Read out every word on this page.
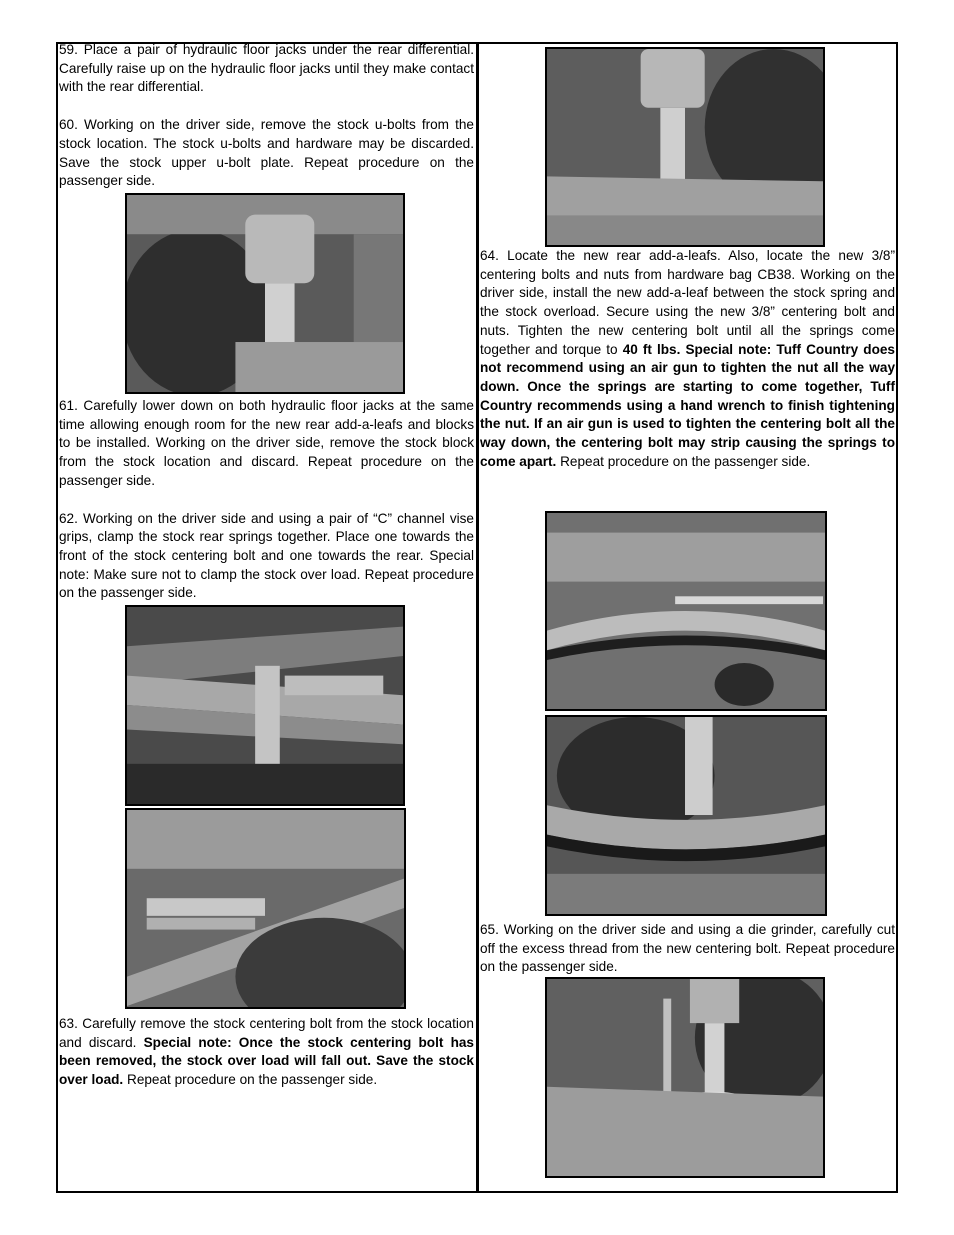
59. Place a pair of hydraulic floor jacks under the rear differential. Carefully raise up on the hydraulic floor jacks until they make contact with the rear differential.

60. Working on the driver side, remove the stock u-bolts from the stock location. The stock u-bolts and hardware may be discarded. Save the stock upper u-bolt plate. Repeat procedure on the passenger side.

61. Carefully lower down on both hydraulic floor jacks at the same time allowing enough room for the new rear add-a-leafs and blocks to be installed. Working on the driver side, remove the stock block from the stock location and discard. Repeat procedure on the passenger side.

62. Working on the driver side and using a pair of “C” channel vise grips, clamp the stock rear springs together. Place one towards the front of the stock centering bolt and one towards the rear. Special note: Make sure not to clamp the stock over load. Repeat procedure on the passenger side.

63. Carefully remove the stock centering bolt from the stock location and discard. Special note: Once the stock centering bolt has been removed, the stock over load will fall out. Save the stock over load. Repeat procedure on the passenger side.

64. Locate the new rear add-a-leafs. Also, locate the new 3/8” centering bolts and nuts from hardware bag CB38. Working on the driver side, install the new add-a-leaf between the stock spring and the stock overload. Secure using the new 3/8” centering bolt and nuts. Tighten the new centering bolt until all the springs come together and torque to 40 ft lbs. Special note: Tuff Country does not recommend using an air gun to tighten the nut all the way down. Once the springs are starting to come together, Tuff Country recommends using a hand wrench to finish tightening the nut. If an air gun is used to tighten the centering bolt all the way down, the centering bolt may strip causing the springs to come apart. Repeat procedure on the passenger side.

65. Working on the driver side and using a die grinder, carefully cut off the excess thread from the new centering bolt. Repeat procedure on the passenger side.
